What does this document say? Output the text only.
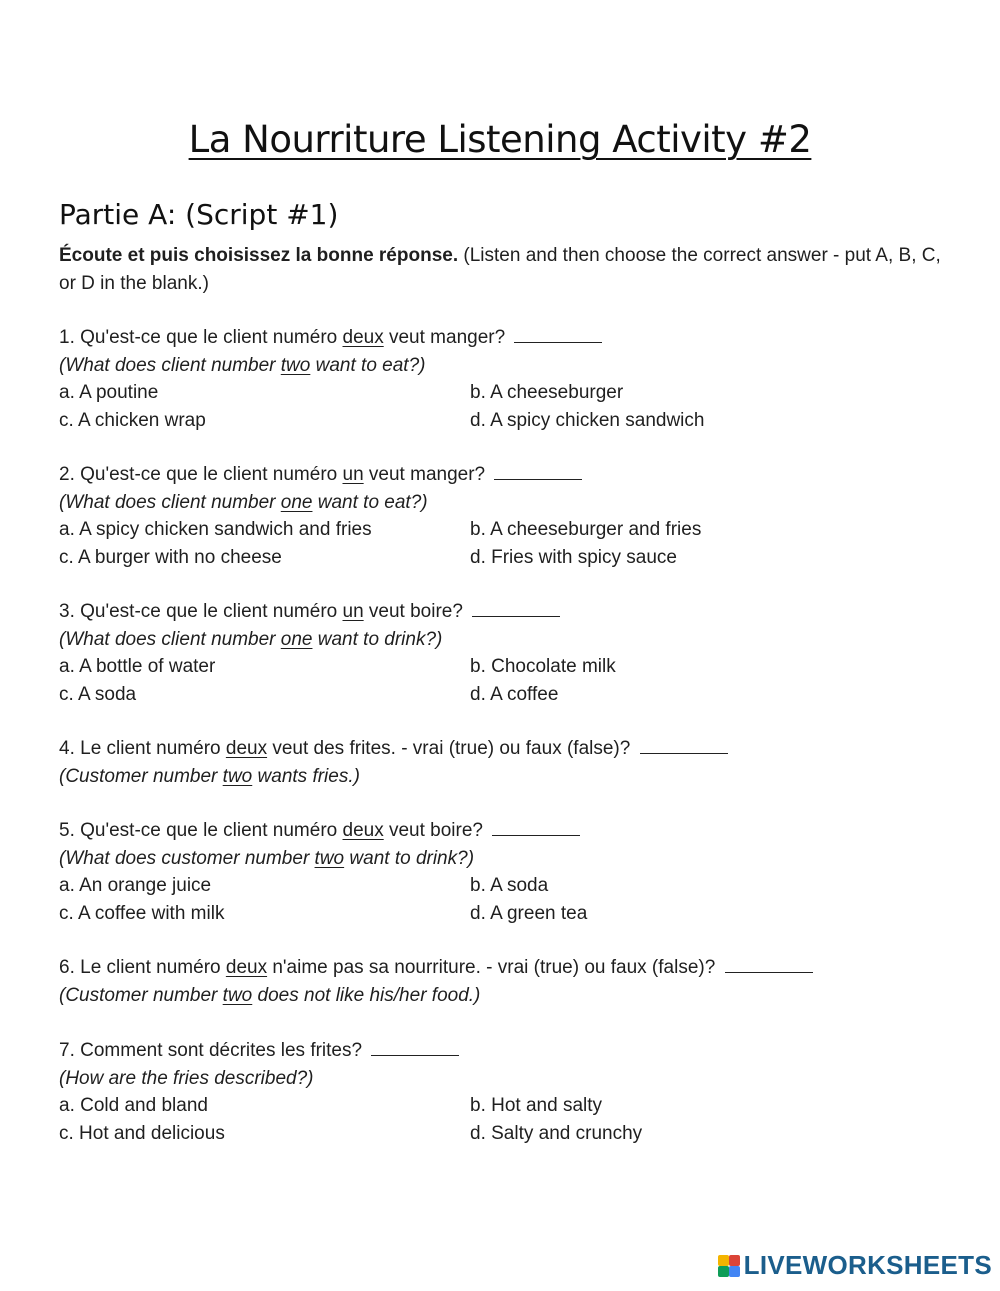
La Nourriture Listening Activity #2
Partie A: (Script #1)
Écoute et puis choisissez la bonne réponse. (Listen and then choose the correct answer - put A, B, C, or D in the blank.)
1. Qu'est-ce que le client numéro deux veut manger?
(What does client number two want to eat?)
a. A poutine	b. A cheeseburger
c. A chicken wrap	d. A spicy chicken sandwich
2. Qu'est-ce que le client numéro un veut manger?
(What does client number one want to eat?)
a. A spicy chicken sandwich and fries	b. A cheeseburger and fries
c. A burger with no cheese	d. Fries with spicy sauce
3. Qu'est-ce que le client numéro un veut boire?
(What does client number one want to drink?)
a. A bottle of water	b. Chocolate milk
c. A soda	d. A coffee
4. Le client numéro deux veut des frites. - vrai (true) ou faux (false)?
(Customer number two wants fries.)
5. Qu'est-ce que le client numéro deux veut boire?
(What does customer number two want to drink?)
a. An orange juice	b. A soda
c. A coffee with milk	d. A green tea
6. Le client numéro deux n'aime pas sa nourriture. - vrai (true) ou faux (false)?
(Customer number two does not like his/her food.)
7. Comment sont décrites les frites?
(How are the fries described?)
a. Cold and bland	b. Hot and salty
c. Hot and delicious	d. Salty and crunchy
LIVEWORKSHEETS
